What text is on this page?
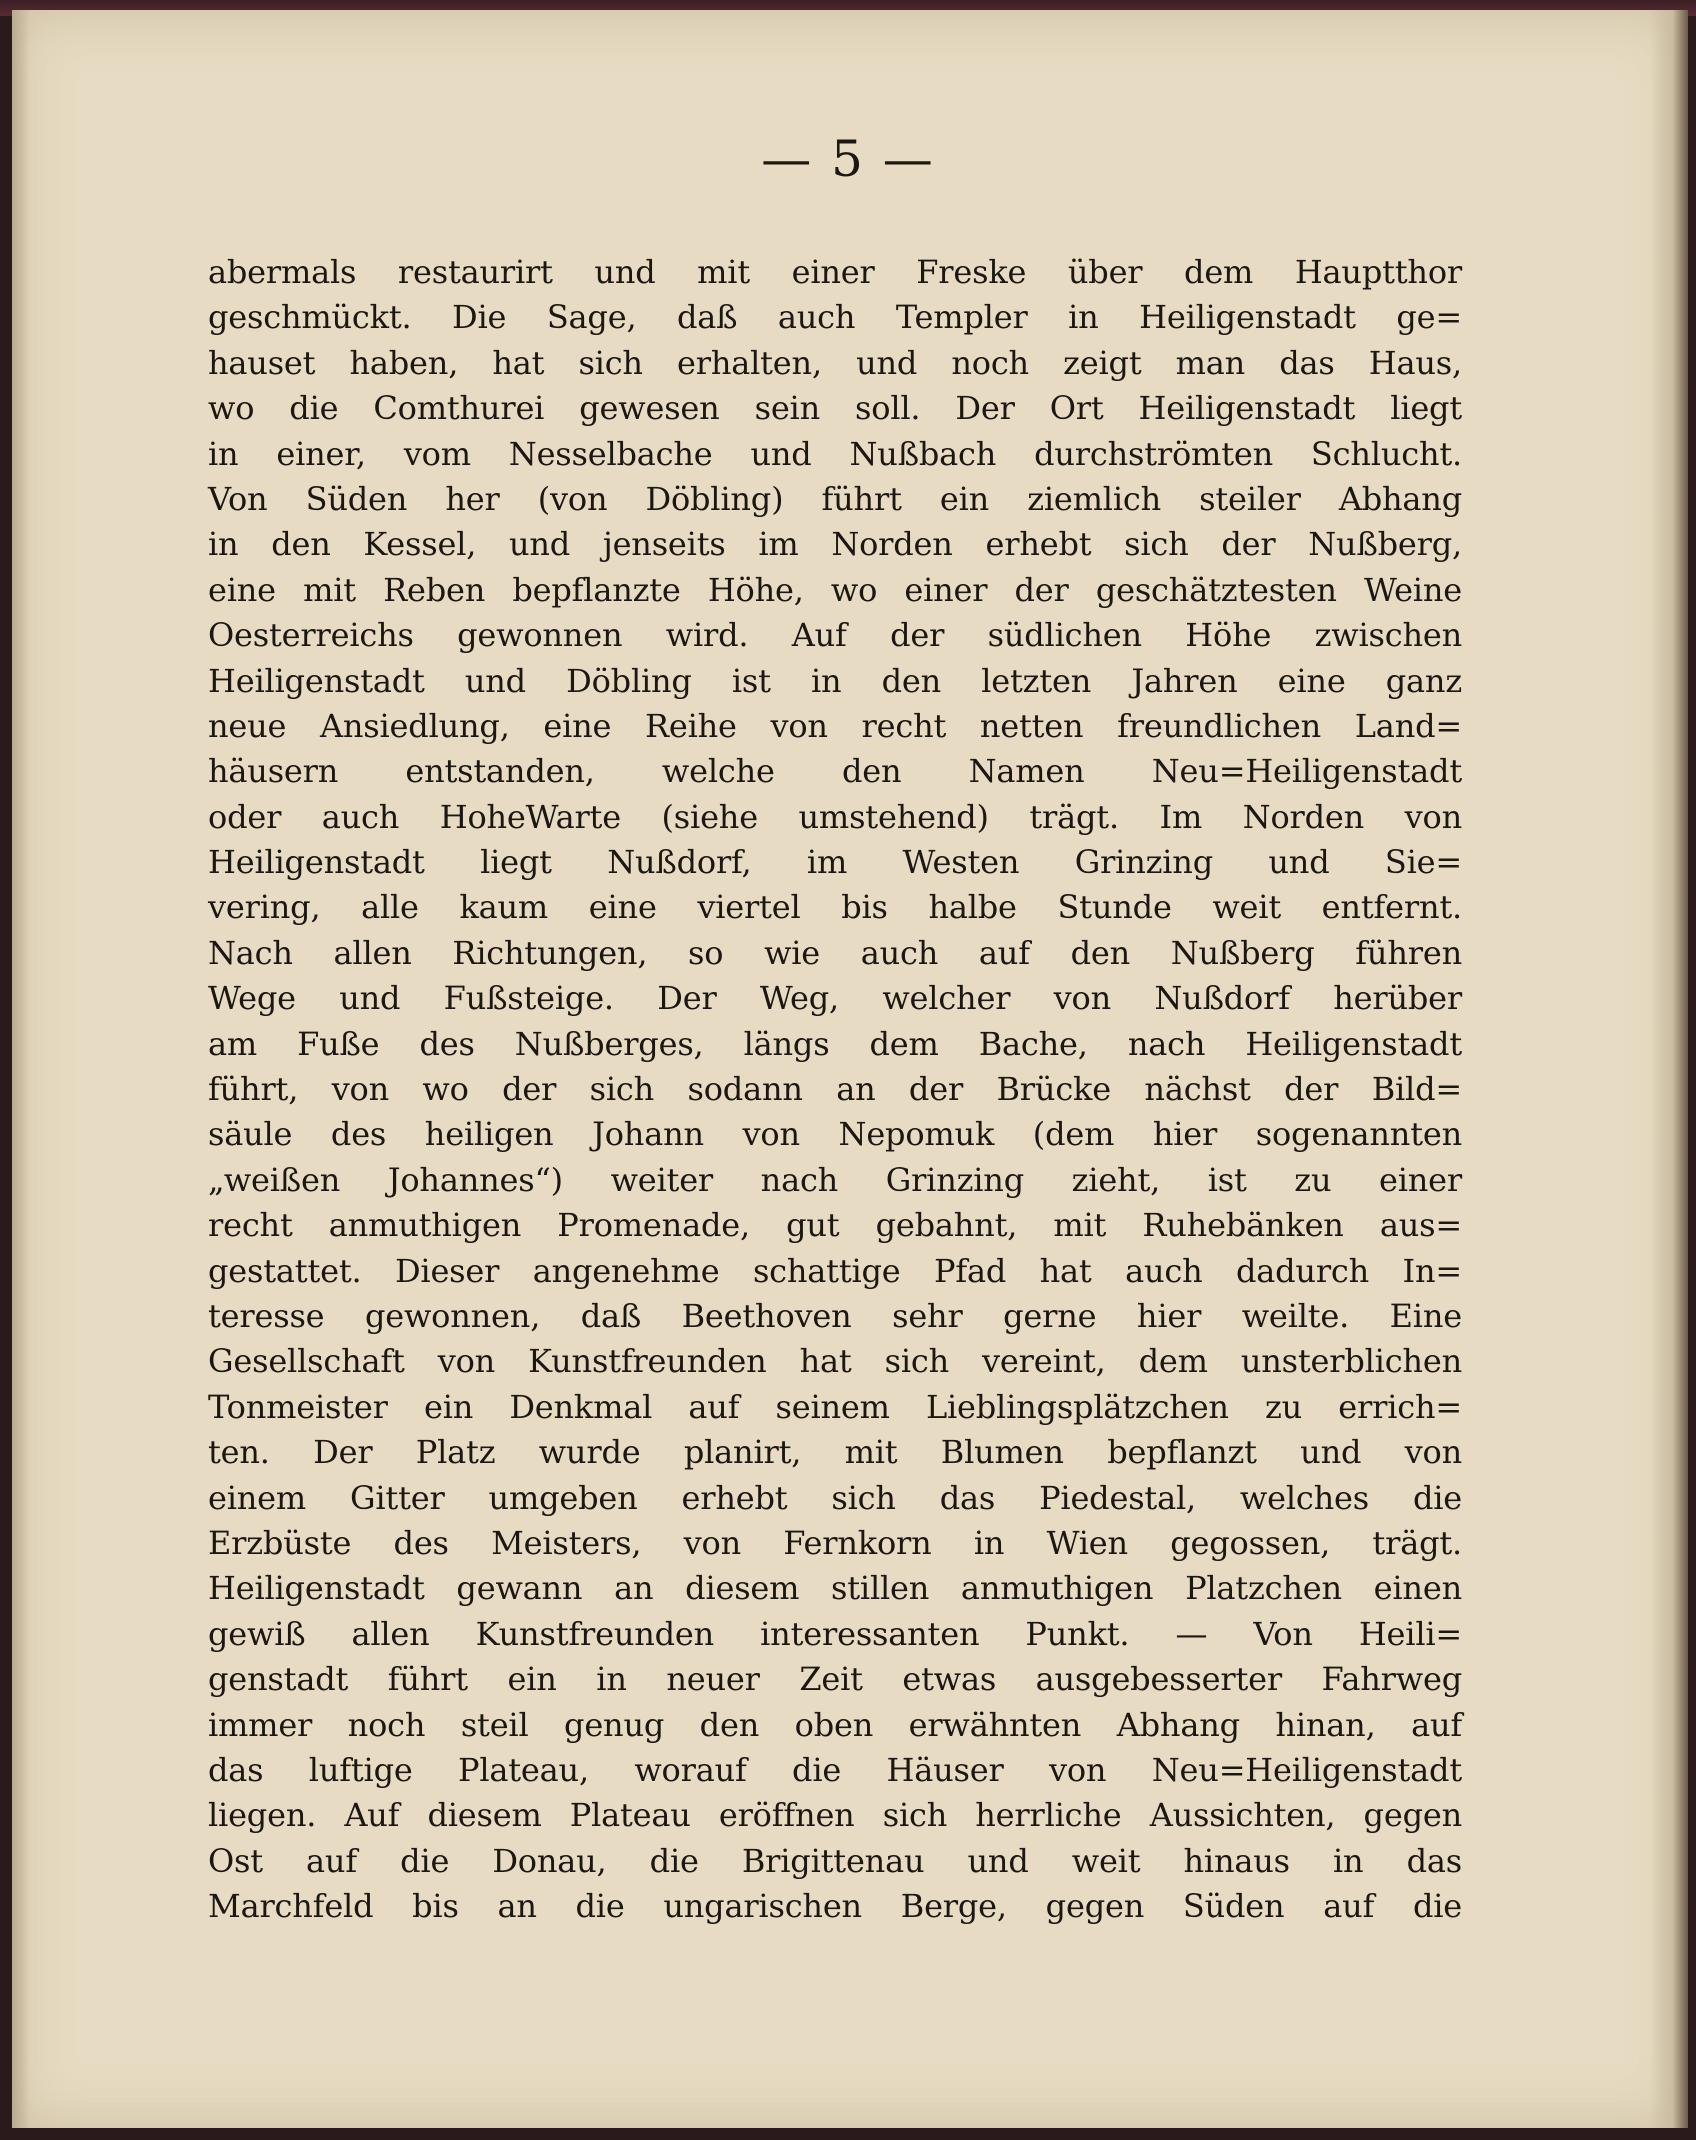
— 5 —
abermals restaurirt und mit einer Freske über dem Hauptthor
geschmückt. Die Sage, daß auch Templer in Heiligenstadt ge=
hauset haben, hat sich erhalten, und noch zeigt man das Haus,
wo die Comthurei gewesen sein soll. Der Ort Heiligenstadt liegt
in einer, vom Nesselbache und Nußbach durchströmten Schlucht.
Von Süden her (von Döbling) führt ein ziemlich steiler Abhang
in den Kessel, und jenseits im Norden erhebt sich der Nußberg,
eine mit Reben bepflanzte Höhe, wo einer der geschätztesten Weine
Oesterreichs gewonnen wird. Auf der südlichen Höhe zwischen
Heiligenstadt und Döbling ist in den letzten Jahren eine ganz
neue Ansiedlung, eine Reihe von recht netten freundlichen Land=
häusern entstanden, welche den Namen Neu=Heiligenstadt
oder auch HoheWarte (siehe umstehend) trägt. Im Norden von
Heiligenstadt liegt Nußdorf, im Westen Grinzing und Sie=
vering, alle kaum eine viertel bis halbe Stunde weit entfernt.
Nach allen Richtungen, so wie auch auf den Nußberg führen
Wege und Fußsteige. Der Weg, welcher von Nußdorf herüber
am Fuße des Nußberges, längs dem Bache, nach Heiligenstadt
führt, von wo der sich sodann an der Brücke nächst der Bild=
säule des heiligen Johann von Nepomuk (dem hier sogenannten
„weißen Johannes“) weiter nach Grinzing zieht, ist zu einer
recht anmuthigen Promenade, gut gebahnt, mit Ruhebänken aus=
gestattet. Dieser angenehme schattige Pfad hat auch dadurch In=
teresse gewonnen, daß Beethoven sehr gerne hier weilte. Eine
Gesellschaft von Kunstfreunden hat sich vereint, dem unsterblichen
Tonmeister ein Denkmal auf seinem Lieblingsplätzchen zu errich=
ten. Der Platz wurde planirt, mit Blumen bepflanzt und von
einem Gitter umgeben erhebt sich das Piedestal, welches die
Erzbüste des Meisters, von Fernkorn in Wien gegossen, trägt.
Heiligenstadt gewann an diesem stillen anmuthigen Platzchen einen
gewiß allen Kunstfreunden interessanten Punkt. — Von Heili=
genstadt führt ein in neuer Zeit etwas ausgebesserter Fahrweg
immer noch steil genug den oben erwähnten Abhang hinan, auf
das luftige Plateau, worauf die Häuser von Neu=Heiligenstadt
liegen. Auf diesem Plateau eröffnen sich herrliche Aussichten, gegen
Ost auf die Donau, die Brigittenau und weit hinaus in das
Marchfeld bis an die ungarischen Berge, gegen Süden auf die
